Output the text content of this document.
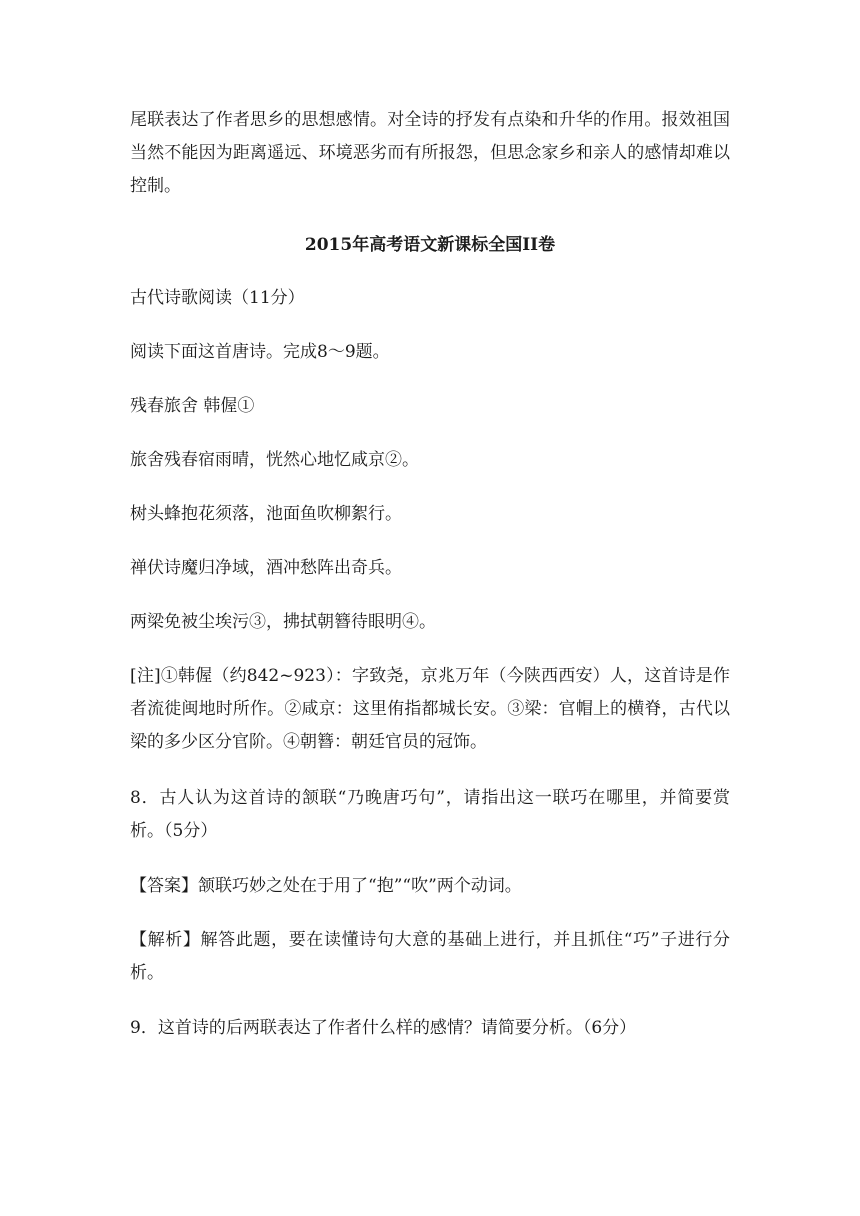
尾联表达了作者思乡的思想感情。对全诗的抒发有点染和升华的作用。报效祖国当然不能因为距离遥远、环境恶劣而有所报怨，但思念家乡和亲人的感情却难以控制。

2015年高考语文新课标全国II卷

古代诗歌阅读（11分）

阅读下面这首唐诗。完成8～9题。

残春旅舍 韩偓①

旅舍残春宿雨晴，恍然心地忆咸京②。

树头蜂抱花须落，池面鱼吹柳絮行。

禅伏诗魔归净域，酒冲愁阵出奇兵。

两梁免被尘埃污③，拂拭朝簪待眼明④。

[注]①韩偓（约842~923）：字致尧，京兆万年（今陕西西安）人，这首诗是作者流徙闽地时所作。②咸京：这里侑指都城长安。③梁：官帽上的横脊，古代以梁的多少区分官阶。④朝簪：朝廷官员的冠饰。

8．古人认为这首诗的颔联“乃晚唐巧句”，请指出这一联巧在哪里，并简要赏析。（5分）

【答案】颔联巧妙之处在于用了“抱”“吹”两个动词。

【解析】解答此题，要在读懂诗句大意的基础上进行，并且抓住“巧”子进行分析。

9．这首诗的后两联表达了作者什么样的感情？请简要分析。（6分）
